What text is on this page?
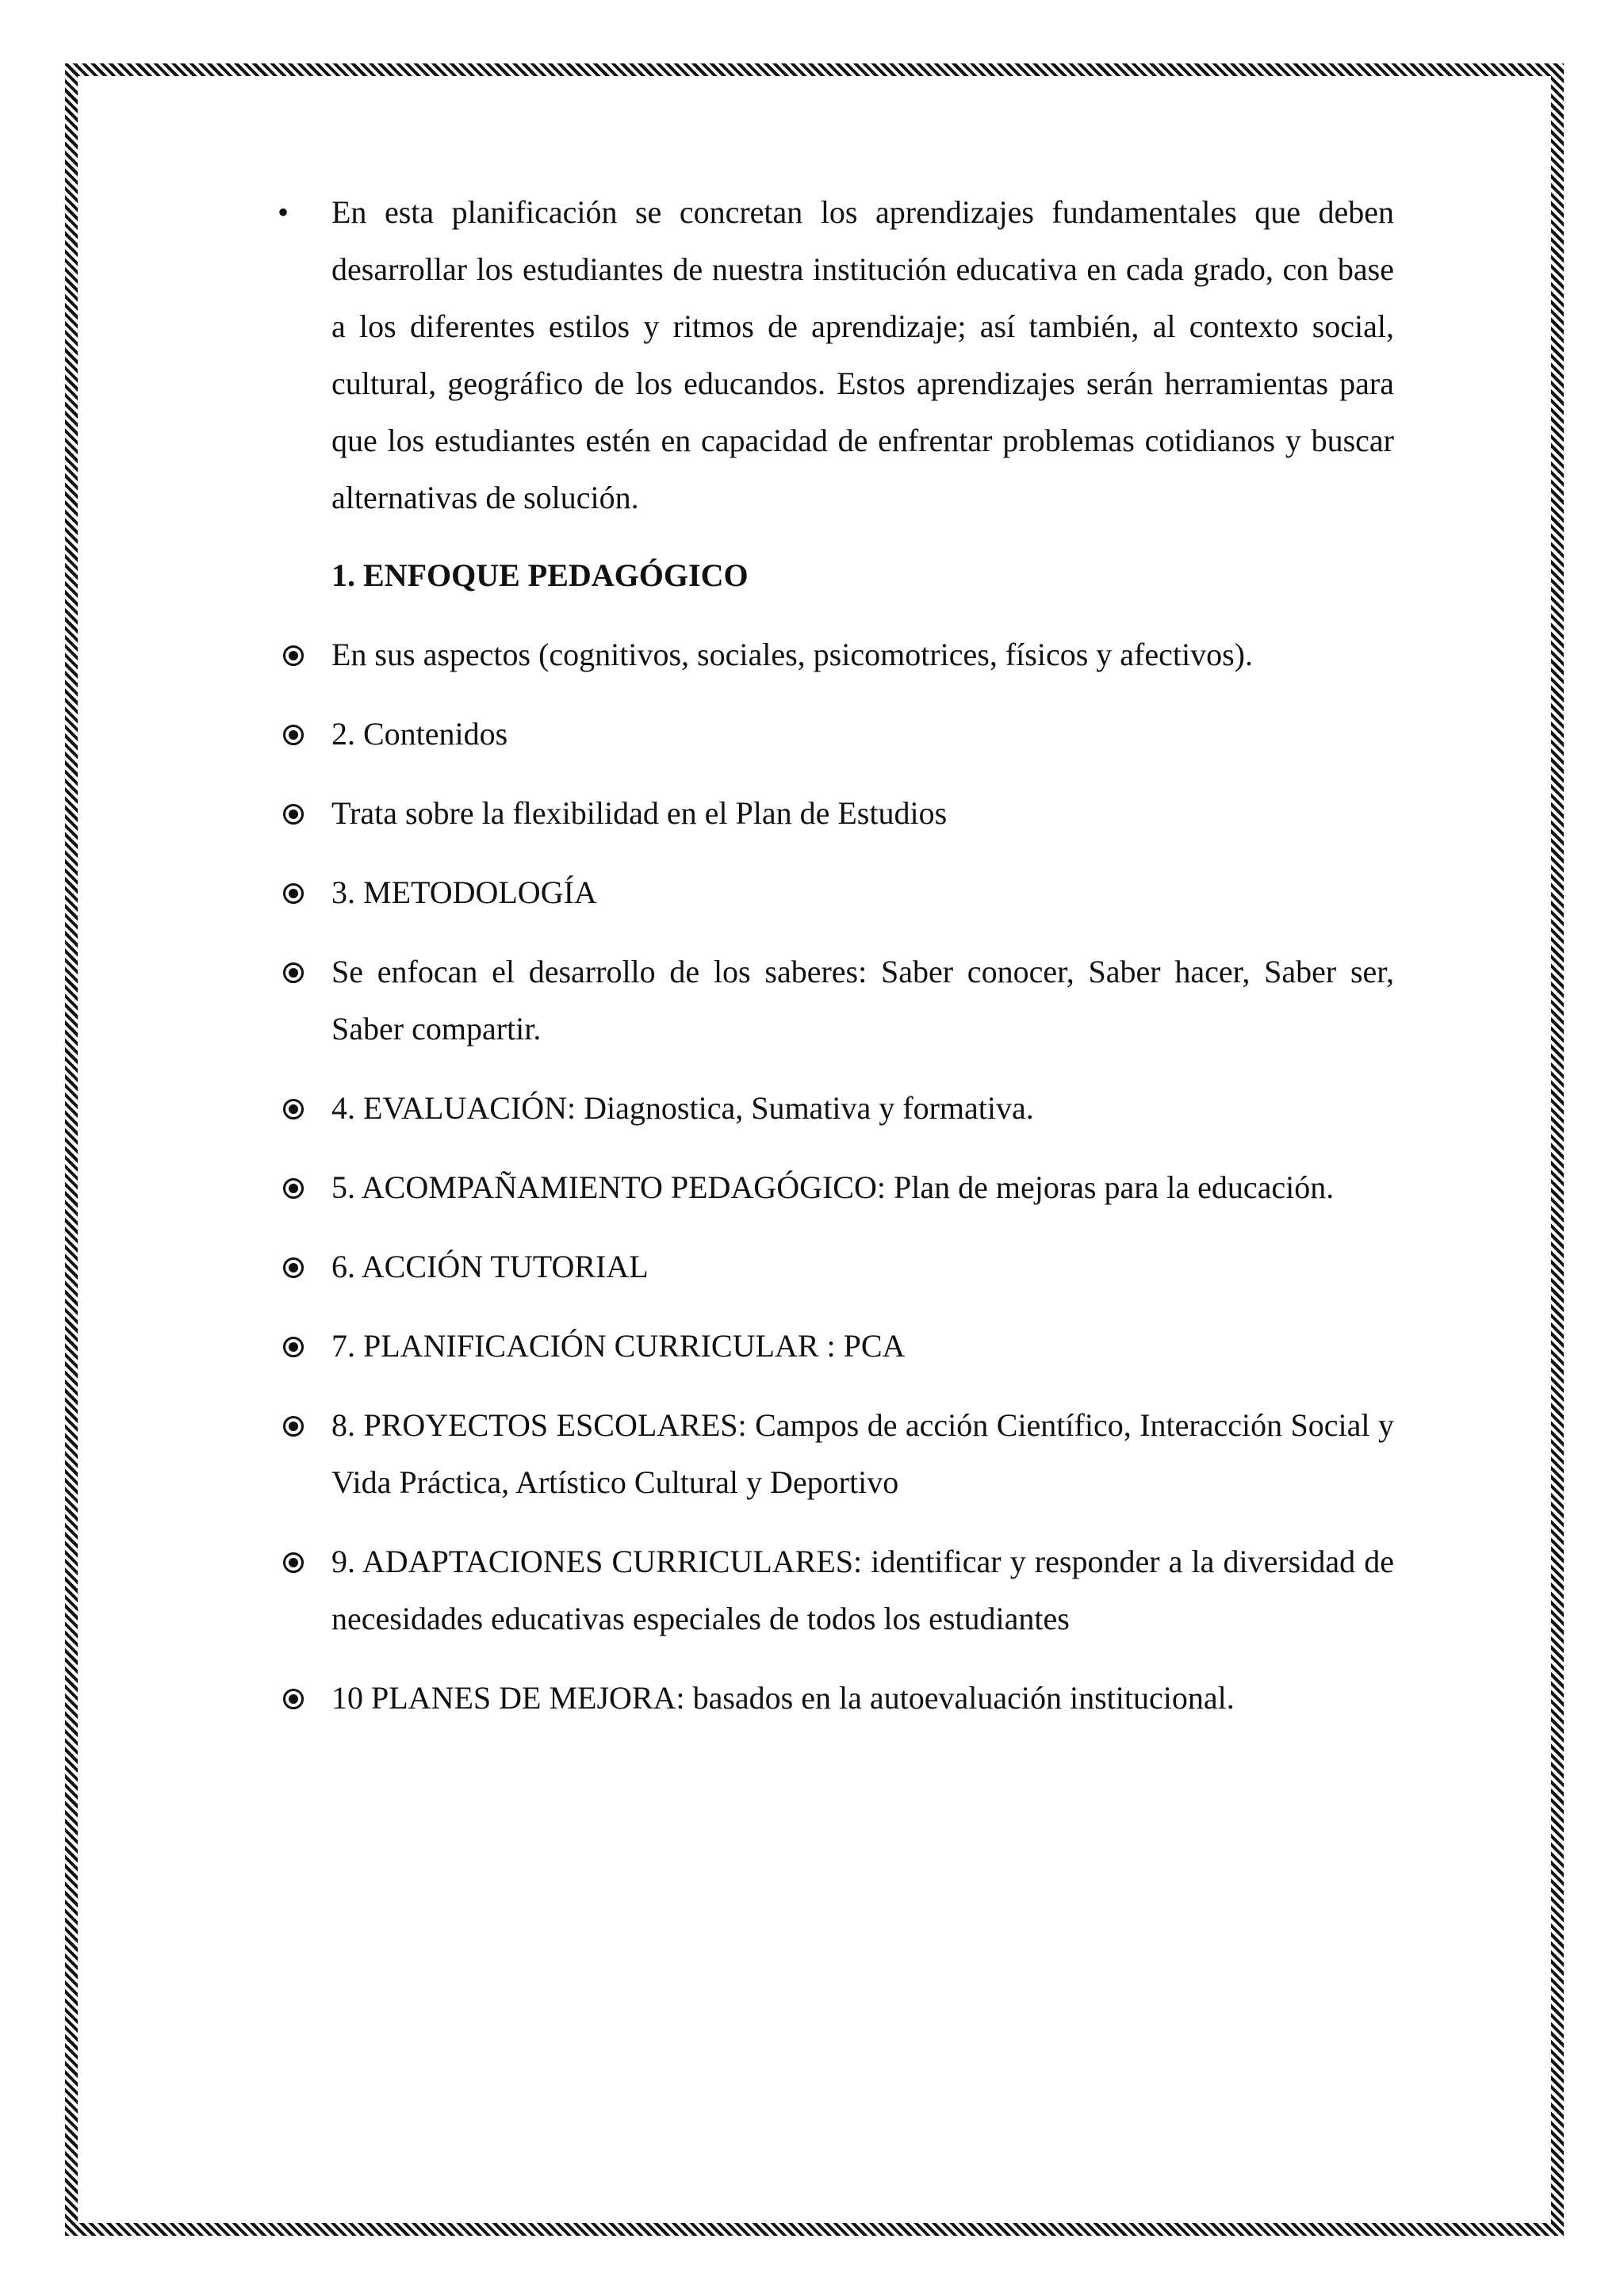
•	En esta planificación se concretan los aprendizajes fundamentales que deben desarrollar los estudiantes de nuestra institución educativa en cada grado, con base a los diferentes estilos y ritmos de aprendizaje; así también, al contexto social, cultural, geográfico de los educandos. Estos aprendizajes serán herramientas para que los estudiantes estén en capacidad de enfrentar problemas cotidianos y buscar alternativas de solución.

1. ENFOQUE PEDAGÓGICO
En sus aspectos (cognitivos, sociales, psicomotrices, físicos y afectivos).
2. Contenidos
Trata sobre la flexibilidad en el Plan de Estudios
3. METODOLOGÍA
Se enfocan el desarrollo de los saberes: Saber conocer, Saber hacer, Saber ser, Saber compartir.
4. EVALUACIÓN: Diagnostica, Sumativa y formativa.
5. ACOMPAÑAMIENTO PEDAGÓGICO: Plan de mejoras para la educación.
6. ACCIÓN TUTORIAL
7. PLANIFICACIÓN CURRICULAR : PCA
8. PROYECTOS ESCOLARES: Campos de acción Científico, Interacción Social y Vida Práctica, Artístico Cultural y Deportivo
9. ADAPTACIONES CURRICULARES: identificar y responder a la diversidad de necesidades educativas especiales de todos los estudiantes
10 PLANES DE MEJORA: basados en la autoevaluación institucional.
